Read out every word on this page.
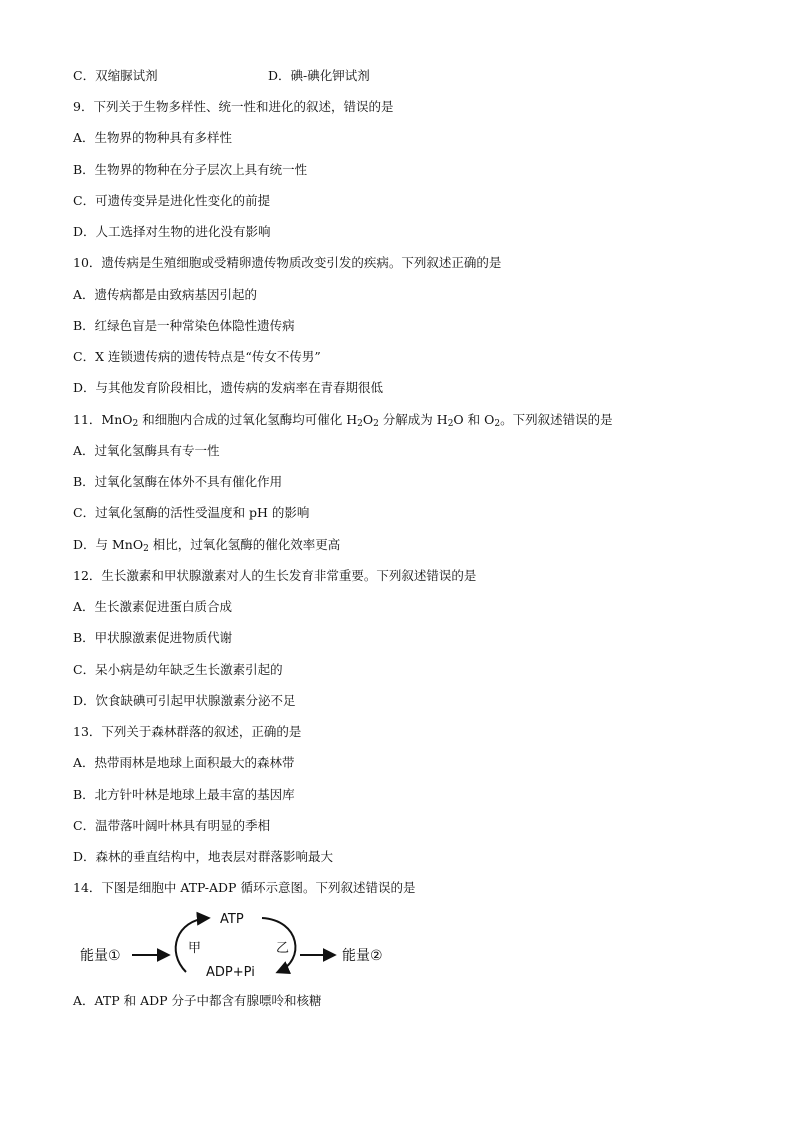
C．双缩脲试剂	D．碘-碘化钾试剂
9．下列关于生物多样性、统一性和进化的叙述，错误的是
A．生物界的物种具有多样性
B．生物界的物种在分子层次上具有统一性
C．可遗传变异是进化性变化的前提
D．人工选择对生物的进化没有影响
10．遗传病是生殖细胞或受精卵遗传物质改变引发的疾病。下列叙述正确的是
A．遗传病都是由致病基因引起的
B．红绿色盲是一种常染色体隐性遗传病
C．X 连锁遗传病的遗传特点是“传女不传男”
D．与其他发育阶段相比，遗传病的发病率在青春期很低
11．MnO$_2$ 和细胞内合成的过氧化氢酶均可催化 $H_2O_2$ 分解成为 $H_2O$ 和 $O_2$。下列叙述错误的是
A．过氧化氢酶具有专一性
B．过氧化氢酶在体外不具有催化作用
C．过氧化氢酶的活性受温度和 pH 的影响
D．与 MnO$_2$ 相比，过氧化氢酶的催化效率更高
12．生长激素和甲状腺激素对人的生长发育非常重要。下列叙述错误的是
A．生长激素促进蛋白质合成
B．甲状腺激素促进物质代谢
C．呆小病是幼年缺乏生长激素引起的
D．饮食缺碘可引起甲状腺激素分泌不足
13．下列关于森林群落的叙述，正确的是
A．热带雨林是地球上面积最大的森林带
B．北方针叶林是地球上最丰富的基因库
C．温带落叶阔叶林具有明显的季相
D．森林的垂直结构中，地表层对群落影响最大
14．下图是细胞中 ATP-ADP 循环示意图。下列叙述错误的是
能量①
ATP
ADP+Pi
甲	乙	能量②
A．ATP 和 ADP 分子中都含有腺嘌呤和核糖
